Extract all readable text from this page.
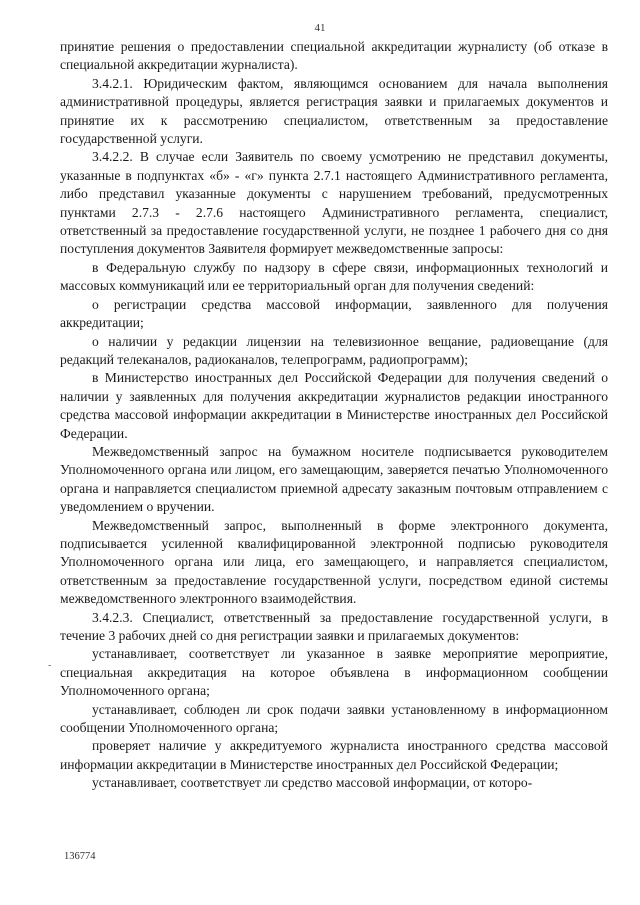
41

принятие решения о предоставлении специальной аккредитации журналисту (об отказе в специальной аккредитации журналиста).

3.4.2.1. Юридическим фактом, являющимся основанием для начала выполнения административной процедуры, является регистрация заявки и прилагаемых документов и принятие их к рассмотрению специалистом, ответственным за предоставление государственной услуги.

3.4.2.2. В случае если Заявитель по своему усмотрению не представил документы, указанные в подпунктах «б» - «г» пункта 2.7.1 настоящего Административного регламента, либо представил указанные документы с нарушением требований, предусмотренных пунктами 2.7.3 - 2.7.6 настоящего Административного регламента, специалист, ответственный за предоставление государственной услуги, не позднее 1 рабочего дня со дня поступления документов Заявителя формирует межведомственные запросы:

в Федеральную службу по надзору в сфере связи, информационных технологий и массовых коммуникаций или ее территориальный орган для получения сведений:

о регистрации средства массовой информации, заявленного для получения аккредитации;

о наличии у редакции лицензии на телевизионное вещание, радиовещание (для редакций телеканалов, радиоканалов, телепрограмм, радиопрограмм);

в Министерство иностранных дел Российской Федерации для получения сведений о наличии у заявленных для получения аккредитации журналистов редакции иностранного средства массовой информации аккредитации в Министерстве иностранных дел Российской Федерации.

Межведомственный запрос на бумажном носителе подписывается руководителем Уполномоченного органа или лицом, его замещающим, заверяется печатью Уполномоченного органа и направляется специалистом приемной адресату заказным почтовым отправлением с уведомлением о вручении.

Межведомственный запрос, выполненный в форме электронного документа, подписывается усиленной квалифицированной электронной подписью руководителя Уполномоченного органа или лица, его замещающего, и направляется специалистом, ответственным за предоставление государственной услуги, посредством единой системы межведомственного электронного взаимодействия.

3.4.2.3. Специалист, ответственный за предоставление государственной услуги, в течение 3 рабочих дней со дня регистрации заявки и прилагаемых документов:

устанавливает, соответствует ли указанное в заявке мероприятие мероприятие, специальная аккредитация на которое объявлена в информационном сообщении Уполномоченного органа;

устанавливает, соблюден ли срок подачи заявки установленному в информационном сообщении Уполномоченного органа;

проверяет наличие у аккредитуемого журналиста иностранного средства массовой информации аккредитации в Министерстве иностранных дел Российской Федерации;

устанавливает, соответствует ли средство массовой информации, от которо-

-
136774
